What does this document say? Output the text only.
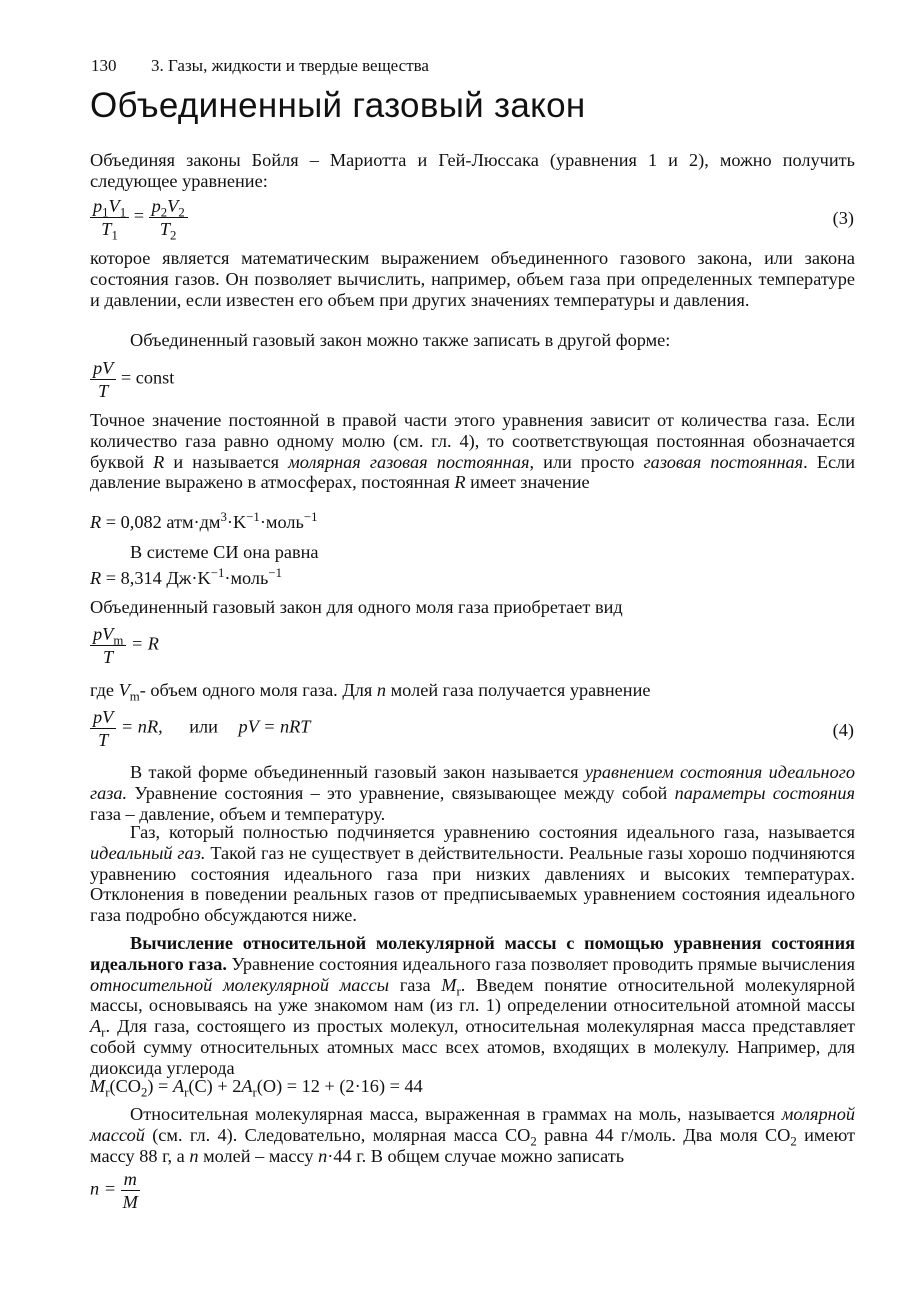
130 3. Газы, жидкости и твердые вещества
Объединенный газовый закон

Объединяя законы Бойля – Мариотта и Гей-Люссака (уравнения 1 и 2), можно получить следующее уравнение:

$\frac{p_1V_1}{T_1} = \frac{p_2V_2}{T_2}$	(3)

которое является математическим выражением объединенного газового закона, или закона состояния газов. Он позволяет вычислить, например, объем газа при определенных температуре и давлении, если известен его объем при других значениях температуры и давления.

Объединенный газовый закон можно также записать в другой форме:

$\frac{pV}{T}$ = const

Точное значение постоянной в правой части этого уравнения зависит от количества газа. Если количество газа равно одному молю (см. гл. 4), то соответствующая постоянная обозначается буквой R и называется молярная газовая постоянная, или просто газовая постоянная. Если давление выражено в атмосферах, постоянная R имеет значение

R = 0,082 $атм\cdot дм^3\cdot K^{-1}\cdot моль^{-1}$

В системе СИ она равна

R = 8,314 $Дж\cdot K^{-1}\cdot моль^{-1}$

Объединенный газовый закон для одного моля газа приобретает вид

$\frac{pV_m}{T} = R$

где $V_m-$ объем одного моля газа. Для n молей газа получается уравнение

$\frac{pV}{T}$ = nR, или pV = nRT	(4)

В такой форме объединенный газовый закон называется уравнением состояния идеального газа. Уравнение состояния – это уравнение, связывающее между собой параметры состояния газа – давление, объем и температуру.

Газ, который полностью подчиняется уравнению состояния идеального газа, называется идеальный газ. Такой газ не существует в действительности. Реальные газы хорошо подчиняются уравнению состояния идеального газа при низких давлениях и высоких температурах. Отклонения в поведении реальных газов от предписываемых уравнением состояния идеального газа подробно обсуждаются ниже.

Вычисление относительной молекулярной массы с помощью уравнения состояния идеального газа. Уравнение состояния идеального газа позволяет проводить прямые вычисления относительной молекулярной массы газа $M_r$. Введем понятие относительной молекулярной массы, основываясь на уже знакомом нам (из гл. 1) определении относительной атомной массы $A_r$. Для газа, состоящего из простых молекул, относительная молекулярная масса представляет собой сумму относительных атомных масс всех атомов, входящих в молекулу. Например, для диоксида углерода

$M_r(CO_2) = A_r(C) + 2A_r(O) = 12 + (2\cdot 16) = 44$

Относительная молекулярная масса, выраженная в граммах на моль, называется молярной массой (см. гл. 4). Следовательно, молярная масса $CO_2$ равна 44 г/моль. Два моля $CO_2$ имеют массу 88 г, а n молей – массу n·44 г. В общем случае можно записать

$n = \frac{m}{M}$
